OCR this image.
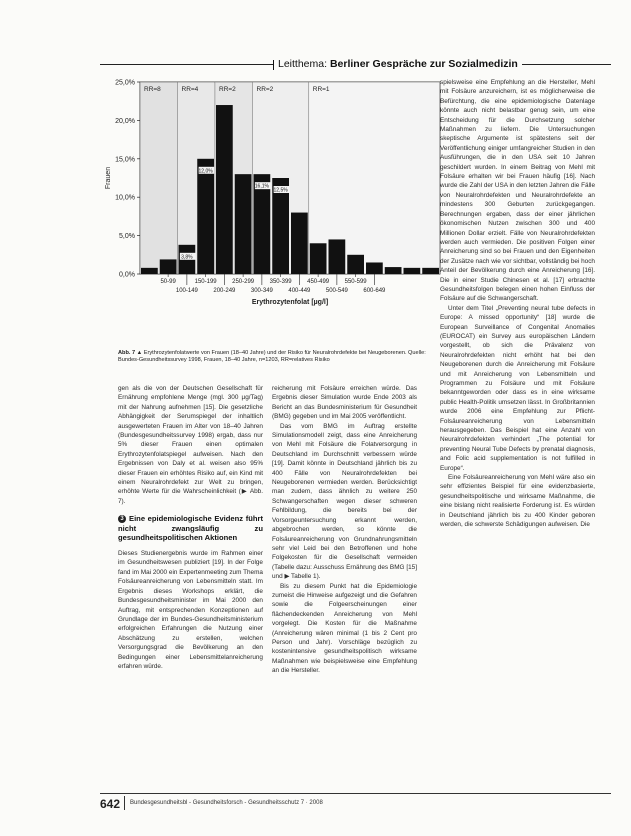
Leitthema: Berliner Gespräche zur Sozialmedizin
RR=8	RR=4	RR=2	RR=2	RR=1
3,8%
12,0%
16,1%
12,5%
0,0%
5,0%
10,0%
15,0%
20,0%
25,0%
Frauen
50-99
100-149
150-199
200-249
250-299
300-349
350-399
400-449
450-499
500-549
550-599
600-649
Erythrozytenfolat [µg/l]
Abb. 7 ▲ Erythrozytenfolatwerte von Frauen (18–40 Jahre) und der Risiko für Neuralrohrdefekte bei Neugeborenen. Quelle: Bundes-Gesundheitssurvey 1998, Frauen, 18–40 Jahre, n=1203, RR=relatives Risiko

gen als die von der Deutschen Gesellschaft für Ernährung empfohlene Menge (mgl. 300 µg/Tag) mit der Nahrung aufnehmen [15]. Die gesetzliche Abhängigkeit der Serumspiegel der inhaltlich ausgewerteten Frauen im Alter von 18–40 Jahren (Bundesgesundheitssurvey 1998) ergab, dass nur 5% dieser Frauen einen optimalen Erythrozytenfolatspiegel aufweisen. Nach den Ergebnissen von Daly et al. weisen also 95% dieser Frauen ein erhöhtes Risiko auf, ein Kind mit einem Neuralrohrdefekt zur Welt zu bringen, erhöhte Werte für die Wahrscheinlichkeit (▶ Abb. 7).

3 Eine epidemiologische Evidenz führt nicht zwangsläufig zu gesundheitspolitischen Aktionen

Dieses Studienergebnis wurde im Rahmen einer im Gesundheitswesen publiziert [19]. In der Folge fand im Mai 2000 ein Expertenmeeting zum Thema Folsäureanreicherung von Lebensmitteln statt. Im Ergebnis dieses Workshops erklärt, die Bundesgesundheitsminister im Mai 2000 den Auftrag, mit entsprechenden Konzeptionen auf Grundlage der im Bundes-Gesundheitsministerium erfolgreichen Erfahrungen die Nutzung einer Abschätzung zu erstellen, welchen Versorgungsgrad die Bevölkerung an den Bedingungen einer Lebensmittelanreicherung erfahren würde.

reicherung mit Folsäure erreichen würde. Das Ergebnis dieser Simulation wurde Ende 2003 als Bericht an das Bundesministerium für Gesundheit (BMG) gegeben und im Mai 2005 veröffentlicht.

Das vom BMG im Auftrag erstellte Simulationsmodell zeigt, dass eine Anreicherung von Mehl mit Folsäure die Folatversorgung in Deutschland im Durchschnitt verbessern würde [19]. Damit könnte in Deutschland jährlich bis zu 400 Fälle von Neuralrohrdefekten bei Neugeborenen vermieden werden. Berücksichtigt man zudem, dass ähnlich zu weitere 250 Schwangerschaften wegen dieser schweren Fehlbildung, die bereits bei der Vorsorgeuntersuchung erkannt werden, abgebrochen werden, so könnte die Folsäureanreicherung von Grundnahrungsmitteln sehr viel Leid bei den Betroffenen und hohe Folgekosten für die Gesellschaft vermeiden (Tabelle dazu: Ausschuss Ernährung des BMG [15] und ▶ Tabelle 1).

Bis zu diesem Punkt hat die Epidemiologie zumeist die Hinweise aufgezeigt und die Gefahren sowie die Folgeerscheinungen einer flächendeckenden Anreicherung von Mehl vorgelegt. Die Kosten für die Maßnahme (Anreicherung wären minimal (1 bis 2 Cent pro Person und Jahr). Vorschläge bezüglich zu kostenintensive gesundheitspolitisch wirksame Maßnahmen wie beispielsweise eine Empfehlung an die Hersteller.

spielsweise eine Empfehlung an die Hersteller, Mehl mit Folsäure anzureichern, ist es möglicherweise die Befürchtung, die eine epidemiologische Datenlage könnte auch nicht belastbar genug sein, um eine Entscheidung für die Durchsetzung solcher Maßnahmen zu liefern. Die Untersuchungen skeptische Argumente ist spätestens seit der Veröffentlichung einiger umfangreicher Studien in den Ausführungen, die in den USA seit 10 Jahren geschildert wurden. In einem Beitrag von Mehl mit Folsäure erhalten wir bei Frauen häufig [16]. Nach wurde die Zahl der USA in den letzten Jahren die Fälle von Neuralrohrdefekten und Neuralrohrdefekte an mindestens 300 Geburten zurückgegangen. Berechnungen ergaben, dass der einer jährlichen ökonomischen Nutzen zwischen 300 und 400 Millionen Dollar erzielt. Fälle von Neuralrohrdefekten werden auch vermieden. Die positiven Folgen einer Anreicherung sind so bei Frauen und den Eigenheiten der Zusätze nach wie vor sichtbar, vollständig bei hoch Anteil der Bevölkerung durch eine Anreicherung [16]. Die in einer Studie Chinesen et al. [17] erbrachte Gesundheitsfolgen belegen einen hohen Einfluss der Folsäure auf die Schwangerschaft.

Unter dem Titel „Preventing neural tube defects in Europe: A missed opportunity“ [18] wurde die European Surveillance of Congenital Anomalies (EUROCAT) ein Survey aus europäischen Ländern vorgestellt, ob sich die Prävalenz von Neuralrohrdefekten nicht erhöht hat bei den Neugeborenen durch die Anreicherung mit Folsäure und mit Anreicherung von Lebensmitteln und Programmen zu Folsäure und mit Folsäure bekanntgeworden oder dass es in eine wirksame public Health-Politik umsetzen lässt. In Großbritannien wurde 2006 eine Empfehlung zur Pflicht-Folsäureanreicherung von Lebensmitteln herausgegeben. Das Beispiel hat eine Anzahl von Neuralrohrdefekten verhindert „The potential for preventing Neural Tube Defects by prenatal diagnosis, and Folic acid supplementation is not fulfilled in Europe“.

Eine Folsäureanreicherung von Mehl wäre also ein sehr effizientes Beispiel für eine evidenzbasierte, gesundheitspolitische und wirksame Maßnahme, die eine bislang nicht realisierte Forderung ist. Es würden in Deutschland jährlich bis zu 400 Kinder geboren werden, die schwerste Schädigungen aufweisen. Die

642 Bundesgesundheitsbl - Gesundheitsforsch - Gesundheitsschutz 7 · 2008
